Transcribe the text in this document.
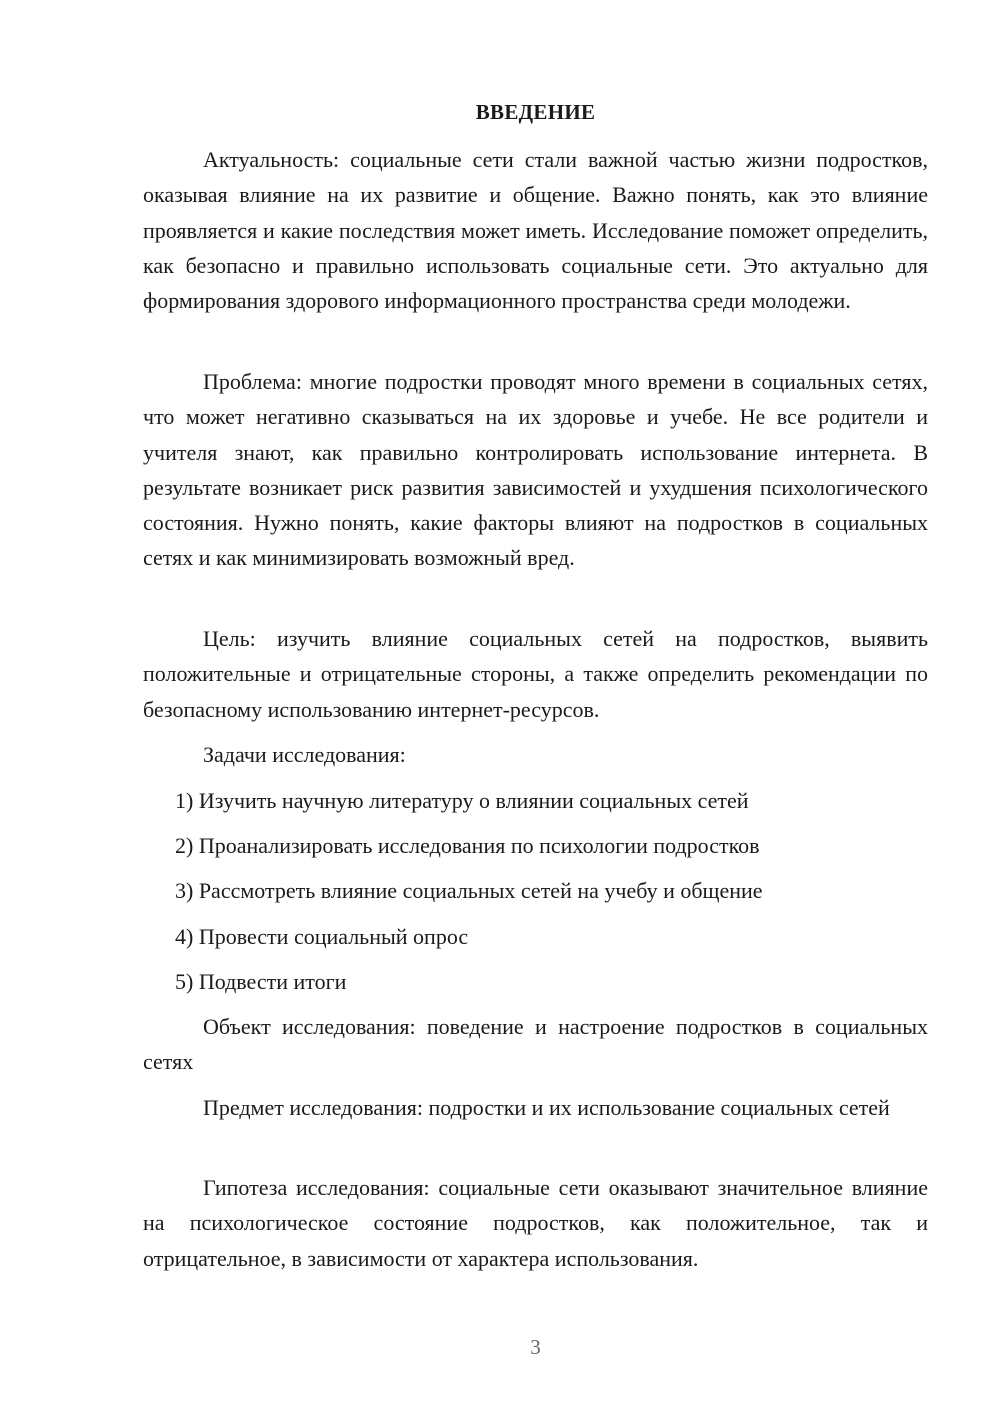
ВВЕДЕНИЕ

Актуальность: социальные сети стали важной частью жизни подростков, оказывая влияние на их развитие и общение. Важно понять, как это влияние проявляется и какие последствия может иметь. Исследование поможет определить, как безопасно и правильно использовать социальные сети. Это актуально для формирования здорового информационного пространства среди молодежи.

Проблема: многие подростки проводят много времени в социальных сетях, что может негативно сказываться на их здоровье и учебе. Не все родители и учителя знают, как правильно контролировать использование интернета. В результате возникает риск развития зависимостей и ухудшения психологического состояния. Нужно понять, какие факторы влияют на подростков в социальных сетях и как минимизировать возможный вред.

Цель: изучить влияние социальных сетей на подростков, выявить положительные и отрицательные стороны, а также определить рекомендации по безопасному использованию интернет-ресурсов.

Задачи исследования:

1) Изучить научную литературу о влиянии социальных сетей

2) Проанализировать исследования по психологии подростков

3) Рассмотреть влияние социальных сетей на учебу и общение

4) Провести социальный опрос

5) Подвести итоги

Объект исследования: поведение и настроение подростков в социальных сетях

Предмет исследования: подростки и их использование социальных сетей

Гипотеза исследования: социальные сети оказывают значительное влияние на психологическое состояние подростков, как положительное, так и отрицательное, в зависимости от характера использования.

3
